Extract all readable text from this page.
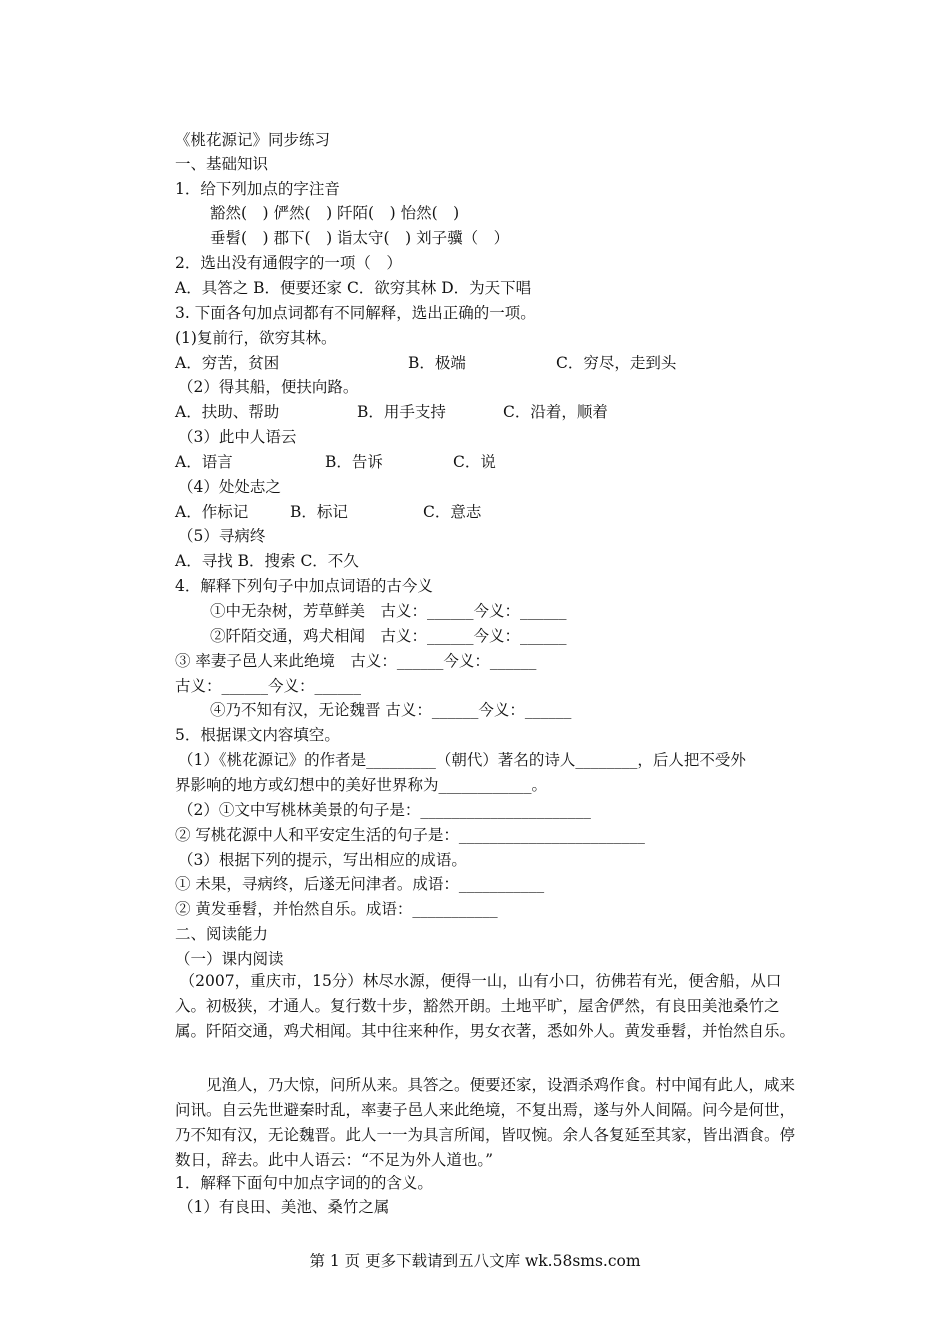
《桃花源记》同步练习
一、基础知识
1．给下列加点的字注音
豁然(　) 俨然(　) 阡陌(　) 怡然(　)
垂髫(　) 郡下(　) 诣太守(　) 刘子骥（　）
2．选出没有通假字的一项（　）
A．具答之 B．便要还家 C．欲穷其林 D．为天下唱
3. 下面各句加点词都有不同解释，选出正确的一项。
(1)复前行，欲穷其林。
A．穷苦，贫困	B．极端	C．穷尽，走到头
（2）得其船，便扶向路。
A．扶助、帮助	B．用手支持	C．沿着，顺着
（3）此中人语云
A．语言	B．告诉	C．说
（4）处处志之
A．作标记	B．标记	C．意志
（5）寻病终
A．寻找 B．搜索 C．不久
4．解释下列句子中加点词语的古今义
①中无杂树，芳草鲜美　古义：______今义：______
②阡陌交通，鸡犬相闻　古义：______今义：______
③ 率妻子邑人来此绝境　古义：______今义：______
古义：______今义：______
④乃不知有汉，无论魏晋 古义：______今义：______
5．根据课文内容填空。
（1）《桃花源记》的作者是_________（朝代）著名的诗人________，后人把不受外
界影响的地方或幻想中的美好世界称为____________。
（2）①文中写桃林美景的句子是：______________________
② 写桃花源中人和平安定生活的句子是：________________________
（3）根据下列的提示，写出相应的成语。
① 未果，寻病终，后遂无问津者。成语：___________
② 黄发垂髫，并怡然自乐。成语：___________
二、阅读能力
（一）课内阅读
（2007，重庆市，15分）林尽水源，便得一山，山有小口，彷佛若有光，便舍船，从口入。初极狭，才通人。复行数十步，豁然开朗。土地平旷，屋舍俨然，有良田美池桑竹之属。阡陌交通，鸡犬相闻。其中往来种作，男女衣著，悉如外人。黄发垂髫，并怡然自乐。
见渔人，乃大惊，问所从来。具答之。便要还家，设酒杀鸡作食。村中闻有此人，咸来问讯。自云先世避秦时乱，率妻子邑人来此绝境，不复出焉，遂与外人间隔。问今是何世，乃不知有汉，无论魏晋。此人一一为具言所闻，皆叹惋。余人各复延至其家，皆出酒食。停数日，辞去。此中人语云：“不足为外人道也。”
1．解释下面句中加点字词的的含义。
（1）有良田、美池、桑竹之属
第 1 页 更多下载请到五八文库 wk.58sms.com
